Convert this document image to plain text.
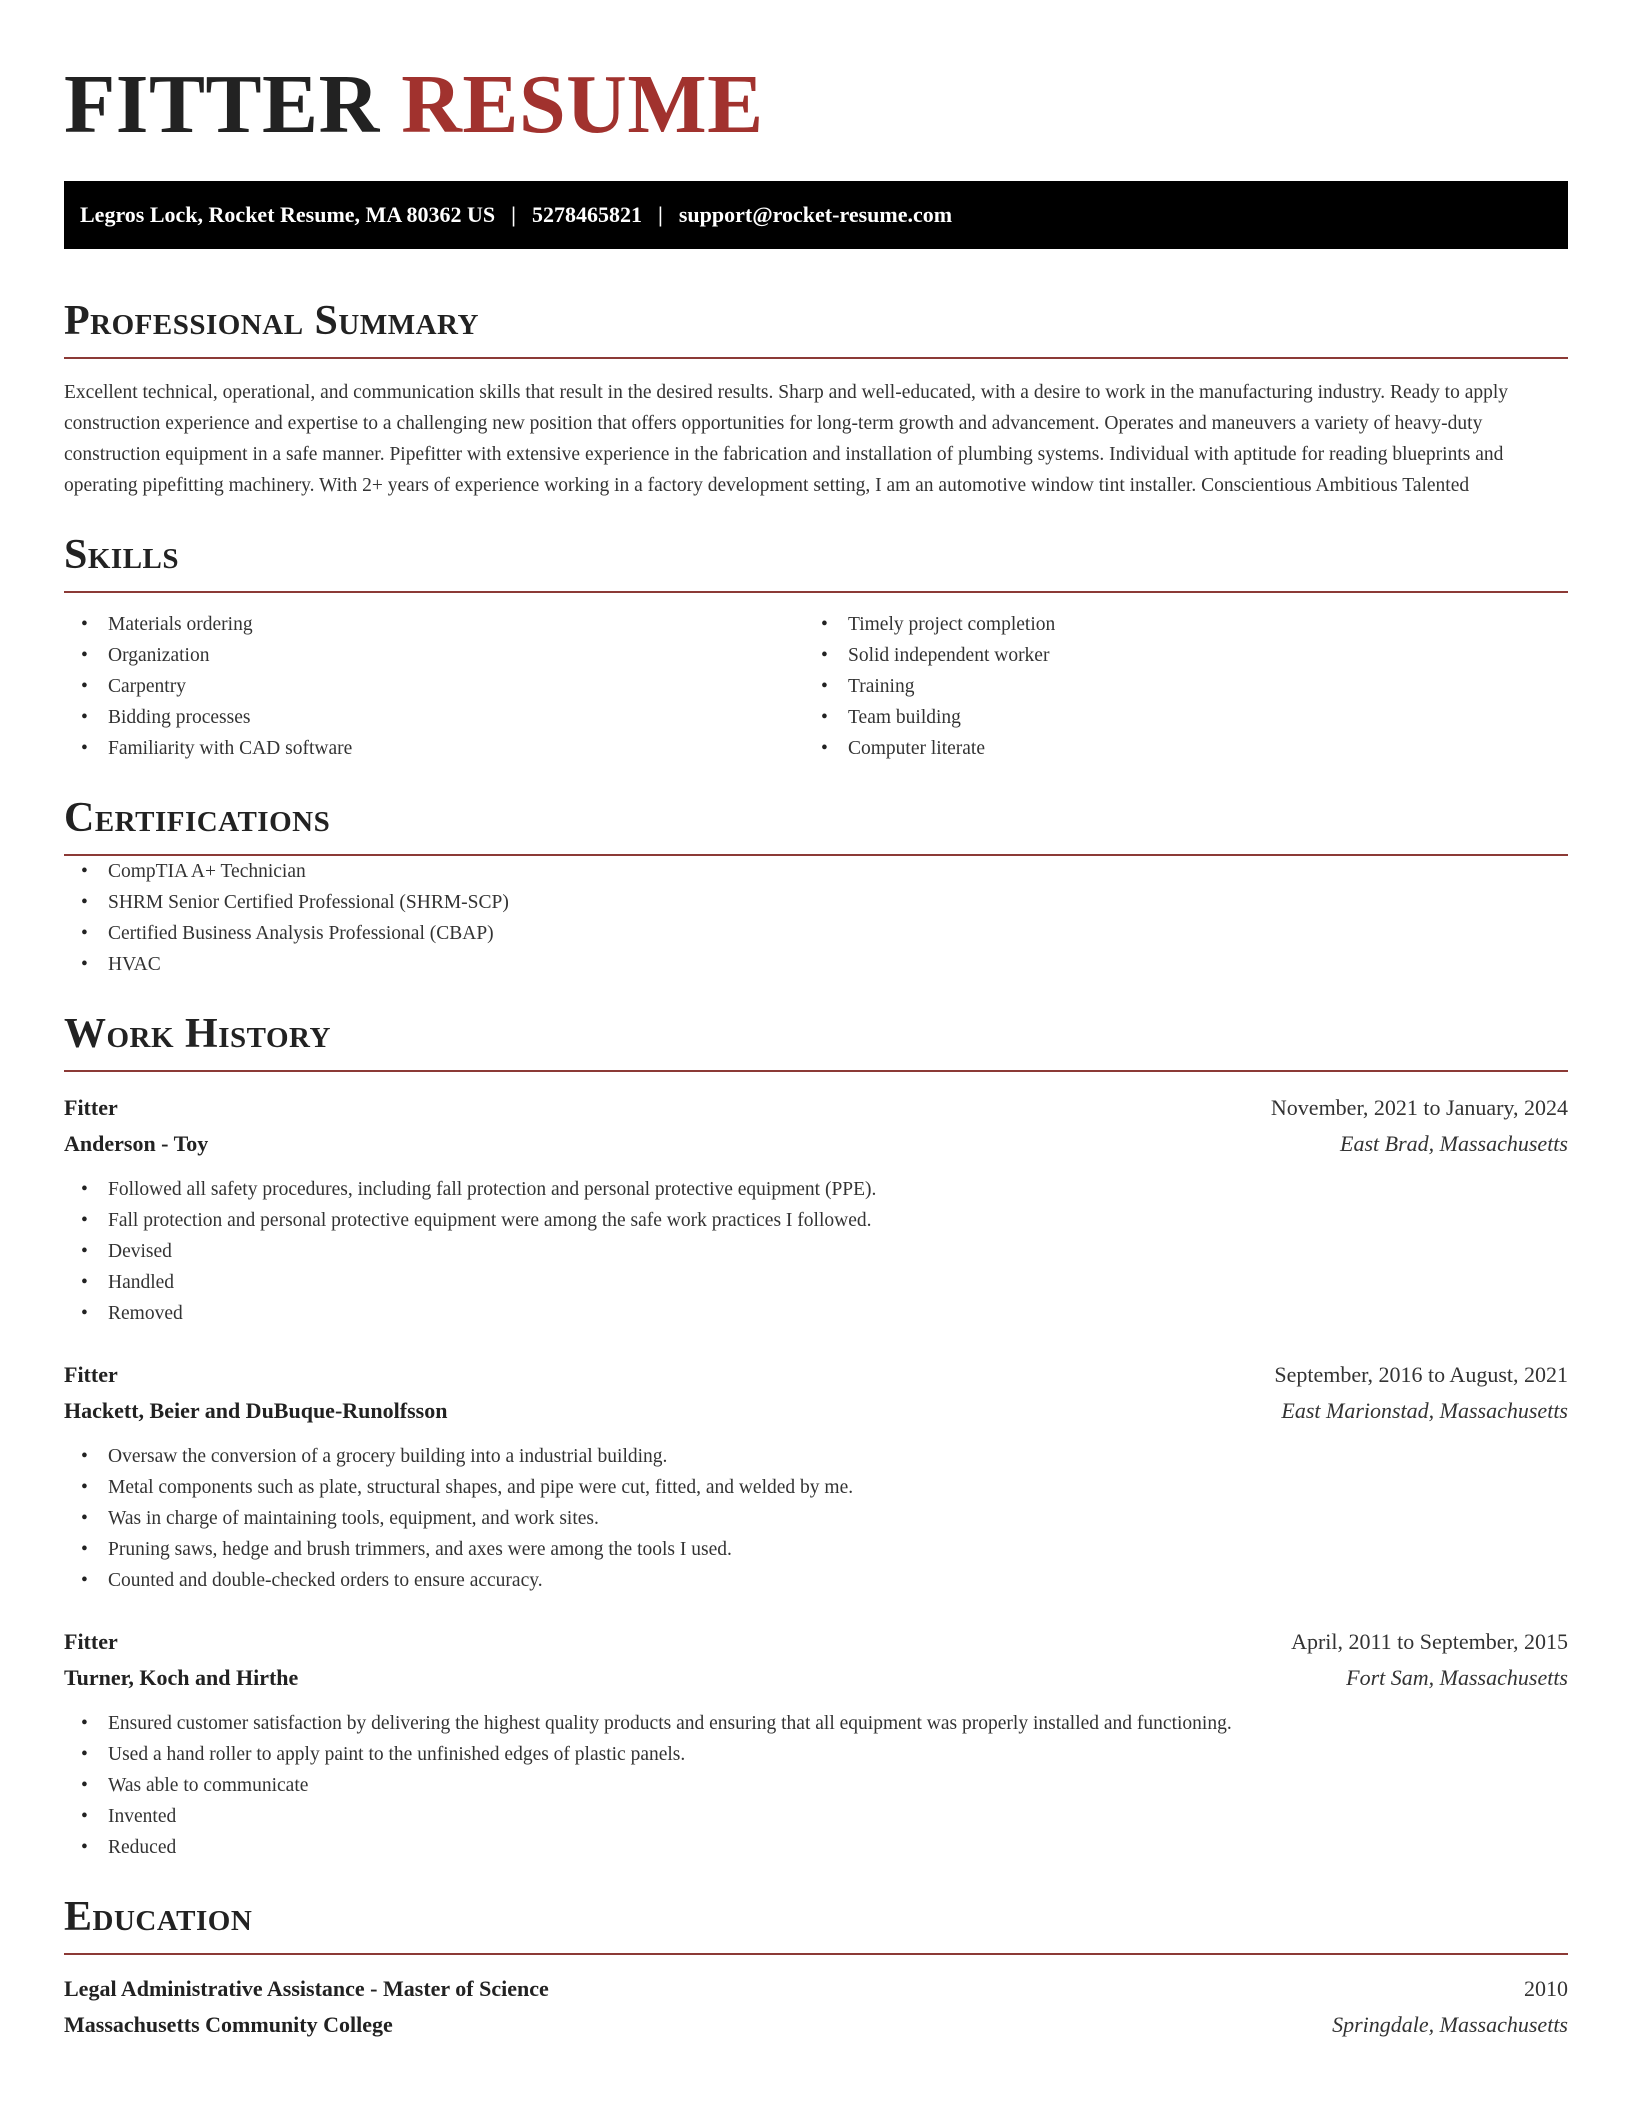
FITTER RESUME
Legros Lock, Rocket Resume, MA 80362 US | 5278465821 | support@rocket-resume.com
Professional Summary

Excellent technical, operational, and communication skills that result in the desired results. Sharp and well-educated, with a desire to work in the manufacturing industry. Ready to apply construction experience and expertise to a challenging new position that offers opportunities for long-term growth and advancement. Operates and maneuvers a variety of heavy-duty construction equipment in a safe manner. Pipefitter with extensive experience in the fabrication and installation of plumbing systems. Individual with aptitude for reading blueprints and operating pipefitting machinery. With 2+ years of experience working in a factory development setting, I am an automotive window tint installer. Conscientious Ambitious Talented

Skills
• Materials ordering
• Organization
• Carpentry
• Bidding processes
• Familiarity with CAD software
• Timely project completion
• Solid independent worker
• Training
• Team building
• Computer literate
Certifications
• CompTIA A+ Technician
• SHRM Senior Certified Professional (SHRM-SCP)
• Certified Business Analysis Professional (CBAP)
• HVAC
Work History
Fitter	November, 2021 to January, 2024
Anderson - Toy	East Brad, Massachusetts
• Followed all safety procedures, including fall protection and personal protective equipment (PPE).
• Fall protection and personal protective equipment were among the safe work practices I followed.
• Devised
• Handled
• Removed
Fitter	September, 2016 to August, 2021
Hackett, Beier and DuBuque-Runolfsson	East Marionstad, Massachusetts
• Oversaw the conversion of a grocery building into a industrial building.
• Metal components such as plate, structural shapes, and pipe were cut, fitted, and welded by me.
• Was in charge of maintaining tools, equipment, and work sites.
• Pruning saws, hedge and brush trimmers, and axes were among the tools I used.
• Counted and double-checked orders to ensure accuracy.
Fitter	April, 2011 to September, 2015
Turner, Koch and Hirthe	Fort Sam, Massachusetts
• Ensured customer satisfaction by delivering the highest quality products and ensuring that all equipment was properly installed and functioning.
• Used a hand roller to apply paint to the unfinished edges of plastic panels.
• Was able to communicate
• Invented
• Reduced
Education
Legal Administrative Assistance - Master of Science	2010
Massachusetts Community College	Springdale, Massachusetts
